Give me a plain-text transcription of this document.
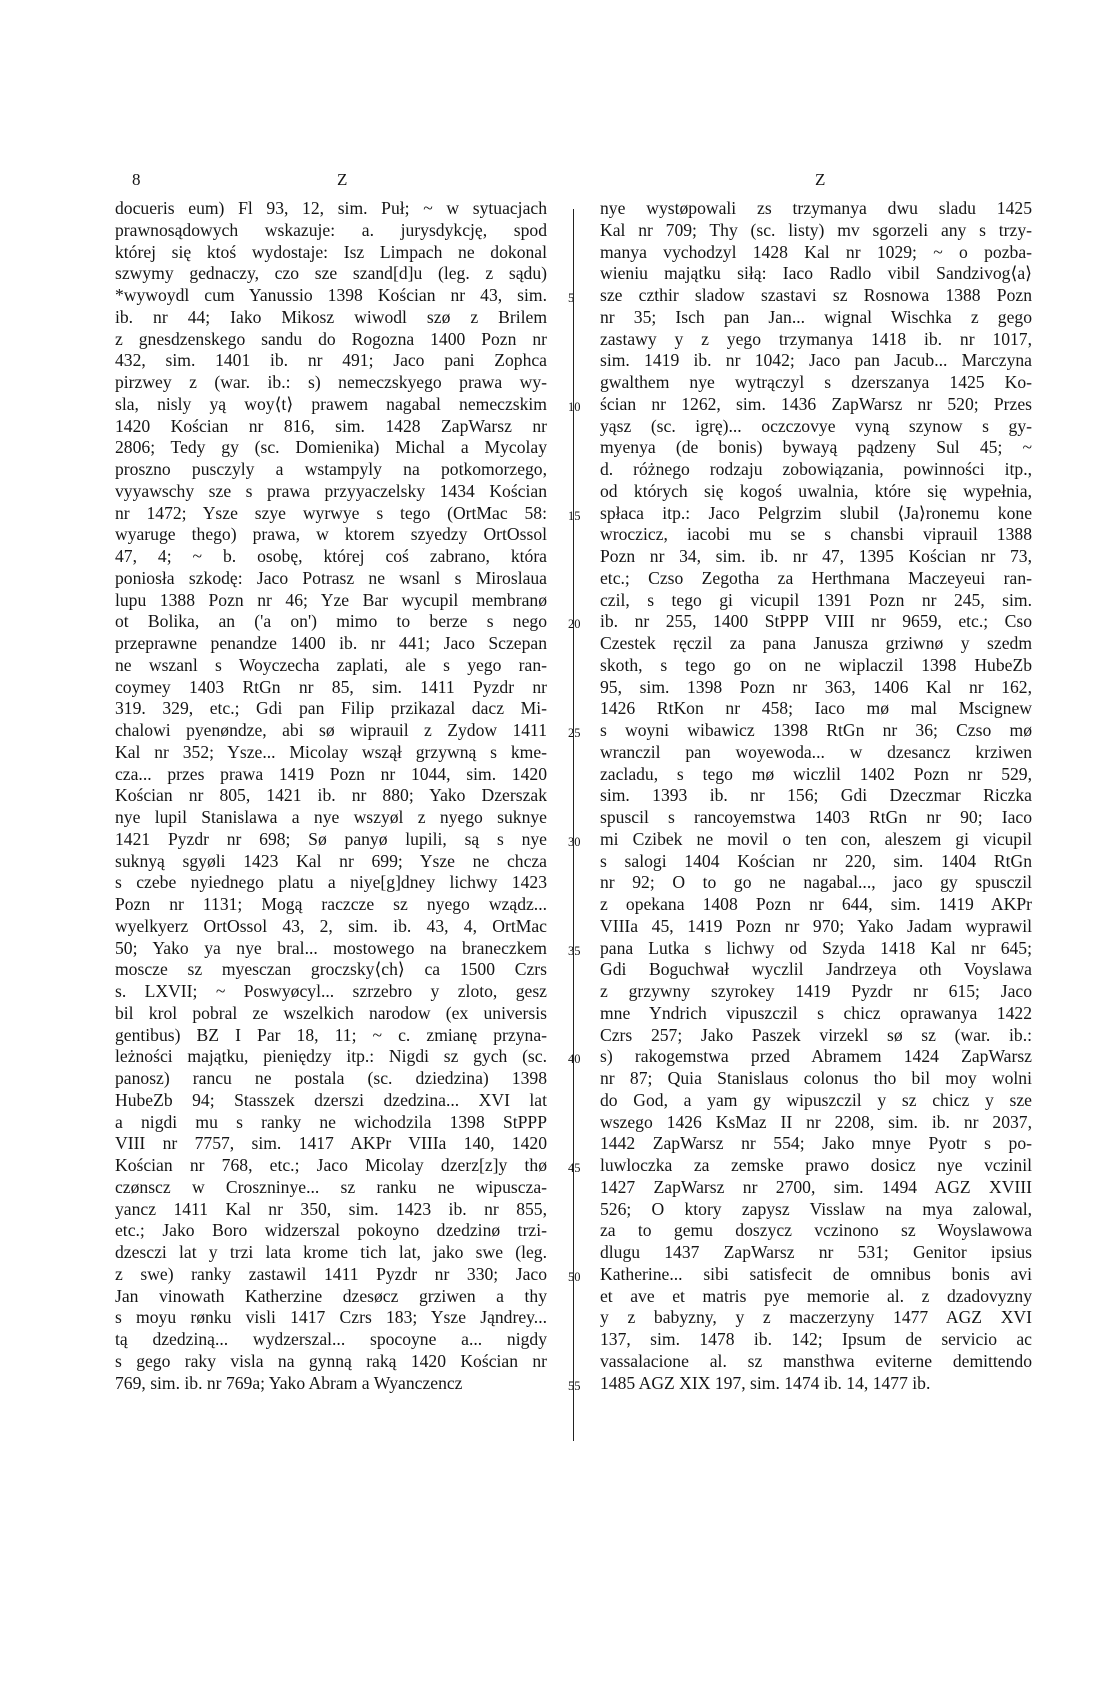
8	Z	Z
docueris eum) Fl 93, 12, sim. Puł; ~ w sytuacjach
prawnosądowych wskazuje: a. jurysdykcję, spod
której się ktoś wydostaje: Isz Limpach ne dokonal
szwymy gednaczy, czo sze szand[d]u (leg. z sądu)
*wywoydl cum Yanussio 1398 Kościan nr 43, sim.
ib. nr 44; Iako Mikosz wiwodl szø z Brilem
z gnesdzenskego sandu do Rogozna 1400 Pozn nr
432, sim. 1401 ib. nr 491; Jaco pani Zophca
pirzwey z (war. ib.: s) nemeczskyego prawa wy-
sla, nisly yą woy⟨t⟩ prawem nagabal nemeczskim
1420 Kościan nr 816, sim. 1428 ZapWarsz nr
2806; Tedy gy (sc. Domienika) Michal a Mycolay
proszno pusczyly a wstampyly na potkomorzego,
vyyawschy sze s prawa przyyaczelsky 1434 Kościan
nr 1472; Ysze szye wyrwye s tego (OrtMac 58:
wyaruge thego) prawa, w ktorem szyedzy OrtOssol
47, 4; ~ b. osobę, której coś zabrano, która
poniosła szkodę: Jaco Potrasz ne wsanl s Miroslaua
lupu 1388 Pozn nr 46; Yze Bar wycupil membranø
ot Bolika, an ('a on') mimo to berze s nego
przeprawne penandze 1400 ib. nr 441; Jaco Sczepan
ne wszanl s Woyczecha zaplati, ale s yego ran-
coymey 1403 RtGn nr 85, sim. 1411 Pyzdr nr
319. 329, etc.; Gdi pan Filip przikazal dacz Mi-
chalowi pyenøndze, abi sø wiprauil z Zydow 1411
Kal nr 352; Ysze... Micolay wszął grzywną s kme-
cza... przes prawa 1419 Pozn nr 1044, sim. 1420
Kościan nr 805, 1421 ib. nr 880; Yako Dzerszak
nye lupil Stanislawa a nye wszyøl z nyego suknye
1421 Pyzdr nr 698; Sø panyø lupili, są s nye
suknyą sgyøli 1423 Kal nr 699; Ysze ne chcza
s czebe nyiednego platu a niye[g]dney lichwy 1423
Pozn nr 1131; Mogą raczcze sz nyego wządz...
wyelkyerz OrtOssol 43, 2, sim. ib. 43, 4, OrtMac
50; Yako ya nye bral... mostowego na braneczkem
moscze sz myesczan groczsky⟨ch⟩ ca 1500 Czrs
s. LXVII; ~ Poswyøcyl... szrzebro y zloto, gesz
bil krol pobral ze wszelkich narodow (ex universis
gentibus) BZ I Par 18, 11; ~ c. zmianę przyna-
leżności majątku, pieniędzy itp.: Nigdi sz gych (sc.
panosz) rancu ne postala (sc. dziedzina) 1398
HubeZb 94; Stasszek dzerszi dzedzina... XVI lat
a nigdi mu s ranky ne wichodzila 1398 StPPP
VIII nr 7757, sim. 1417 AKPr VIIIa 140, 1420
Kościan nr 768, etc.; Jaco Micolay dzerz[z]y thø
czønscz w Croszninye... sz ranku ne wipuscza-
yancz 1411 Kal nr 350, sim. 1423 ib. nr 855,
etc.; Jako Boro widzerszal pokoyno dzedzinø trzi-
dzesczi lat y trzi lata krome tich lat, jako swe (leg.
z swe) ranky zastawil 1411 Pyzdr nr 330; Jaco
Jan vinowath Katherzine dzesøcz grziwen a thy
s moyu rønku visli 1417 Czrs 183; Ysze Jąndrey...
tą dzedziną... wydzerszal... spocoyne a... nigdy
s gego raky visla na gynną raką 1420 Kościan nr
769, sim. ib. nr 769a; Yako Abram a Wyanczencz
5
10
15
20
25
30
35
40
45
50
55
nye wystøpowali zs trzymanya dwu sladu 1425
Kal nr 709; Thy (sc. listy) mv sgorzeli any s trzy-
manya vychodzyl 1428 Kal nr 1029; ~ o pozba-
wieniu majątku siłą: Iaco Radlo vibil Sandzivog⟨a⟩
sze czthir sladow szastavi sz Rosnowa 1388 Pozn
nr 35; Isch pan Jan... wignal Wischka z gego
zastawy y z yego trzymanya 1418 ib. nr 1017,
sim. 1419 ib. nr 1042; Jaco pan Jacub... Marczyna
gwalthem nye wytrączyl s dzerszanya 1425 Ko-
ścian nr 1262, sim. 1436 ZapWarsz nr 520; Przes
yąsz (sc. igrę)... oczczovye vyną szynow s gy-
myenya (de bonis) bywayą pądzeny Sul 45; ~
d. różnego rodzaju zobowiązania, powinności itp.,
od których się kogoś uwalnia, które się wypełnia,
spłaca itp.: Jaco Pelgrzim slubil ⟨Ja⟩ronemu kone
wroczicz, iacobi mu se s chansbi viprauil 1388
Pozn nr 34, sim. ib. nr 47, 1395 Kościan nr 73,
etc.; Czso Zegotha za Herthmana Maczeyeui ran-
czil, s tego gi vicupil 1391 Pozn nr 245, sim.
ib. nr 255, 1400 StPPP VIII nr 9659, etc.; Cso
Czestek ręczil za pana Janusza grziwnø y szedm
skoth, s tego go on ne wiplaczil 1398 HubeZb
95, sim. 1398 Pozn nr 363, 1406 Kal nr 162,
1426 RtKon nr 458; Iaco mø mal Mscignew
s woyni wibawicz 1398 RtGn nr 36; Czso mø
wranczil pan woyewoda... w dzesancz krziwen
zacladu, s tego mø wiczlil 1402 Pozn nr 529,
sim. 1393 ib. nr 156; Gdi Dzeczmar Riczka
spuscil s rancoyemstwa 1403 RtGn nr 90; Iaco
mi Czibek ne movil o ten con, aleszem gi vicupil
s salogi 1404 Kościan nr 220, sim. 1404 RtGn
nr 92; O to go ne nagabal..., jaco gy spusczil
z opekana 1408 Pozn nr 644, sim. 1419 AKPr
VIIIa 45, 1419 Pozn nr 970; Yako Jadam wyprawil
pana Lutka s lichwy od Szyda 1418 Kal nr 645;
Gdi Boguchwał wyczlil Jandrzeya oth Voyslawa
z grzywny szyrokey 1419 Pyzdr nr 615; Jaco
mne Yndrich vipuszczil s chicz oprawanya 1422
Czrs 257; Jako Paszek virzekl sø sz (war. ib.:
s) rakogemstwa przed Abramem 1424 ZapWarsz
nr 87; Quia Stanislaus colonus tho bil moy wolni
do God, a yam gy wipuszczil y sz chicz y sze
wszego 1426 KsMaz II nr 2208, sim. ib. nr 2037,
1442 ZapWarsz nr 554; Jako mnye Pyotr s po-
luwloczka za zemske prawo dosicz nye vczinil
1427 ZapWarsz nr 2700, sim. 1494 AGZ XVIII
526; O ktory zapysz Visslaw na mya zalowal,
za to gemu doszycz vczinono sz Woyslawowa
dlugu 1437 ZapWarsz nr 531; Genitor ipsius
Katherine... sibi satisfecit de omnibus bonis avi
et ave et matris pye memorie al. z dzadovyzny
y z babyzny, y z maczerzyny 1477 AGZ XVI
137, sim. 1478 ib. 142; Ipsum de servicio ac
vassalacione al. sz mansthwa eviterne demittendo
1485 AGZ XIX 197, sim. 1474 ib. 14, 1477 ib.
